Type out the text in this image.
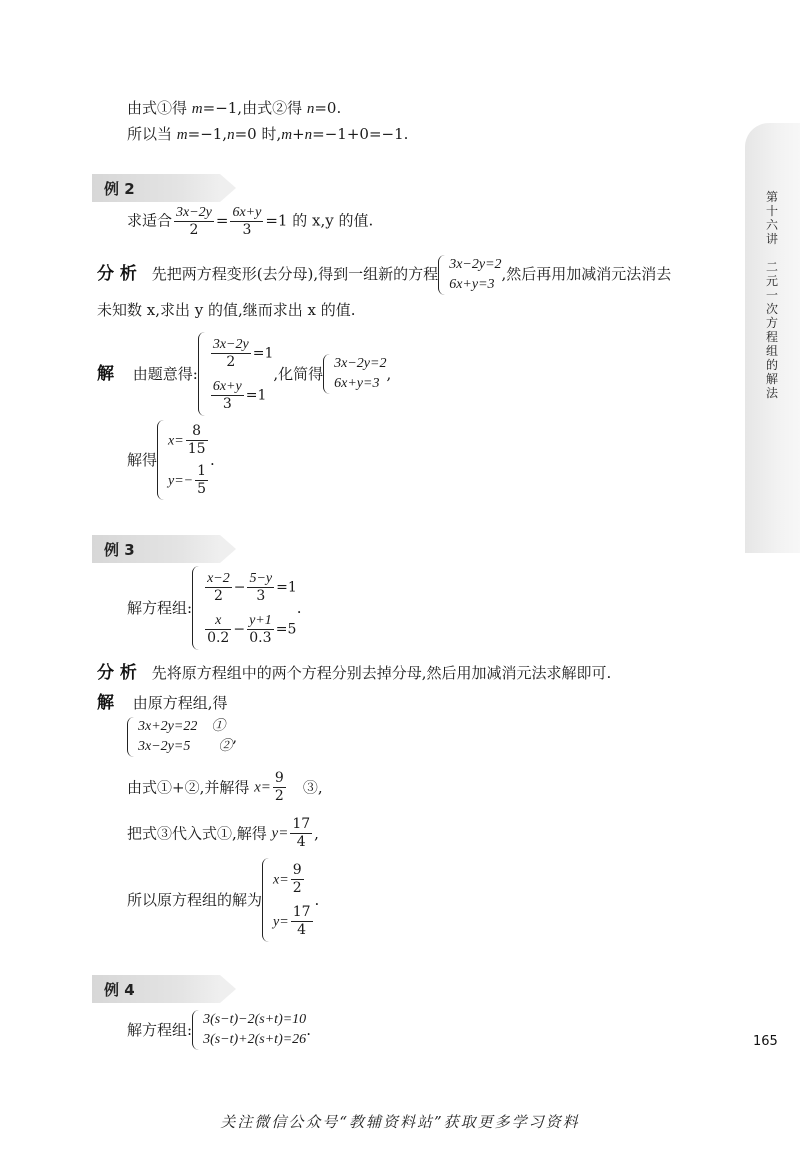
第十六讲
二元一次方程组的解法
由式①得 m=−1,由式②得 n=0.
所以当 m=−1,n=0 时,m+n=−1+0=−1.
例 2
求适合 $\frac{3x-2y}{2} = \frac{6x+y}{3} =1$ 的 x,y 的值.
分 析 先把两方程变形(去分母),得到一组新的方程
3x−2y=2
6x+y=3
,然后再用加减消元法消去
未知数 x,求出 y 的值,继而求出 x 的值.
解 由题意得:
$\frac{3x-2y}{2} =1$
$\frac{6x+y}{3} =1$
,化简得
3x−2y=2
6x+y=3
,
解得
$x= \frac{8}{15}$
$y=- \frac{1}{5}$
.
例 3
解方程组:
$\frac{x-2}{2} - \frac{5-y}{3} =1$
$\frac{x}{0.2} - \frac{y+1}{0.3} =5$
.
分 析 先将原方程组中的两个方程分别去掉分母,然后用加减消元法求解即可.
解 由原方程组,得
3x+2y=22　①
3x−2y=5　　②
,
由式①+②,并解得 $x= \frac{9}{2}$ 　③,
把式③代入式①,解得 $y= \frac{17}{4}$ ,
所以原方程组的解为
$x= \frac{9}{2}$
$y= \frac{17}{4}$
.
例 4
解方程组:
3(s−t)−2(s+t)=10
3(s−t)+2(s+t)=26
.
165
关注微信公众号“教辅资料站”获取更多学习资料
